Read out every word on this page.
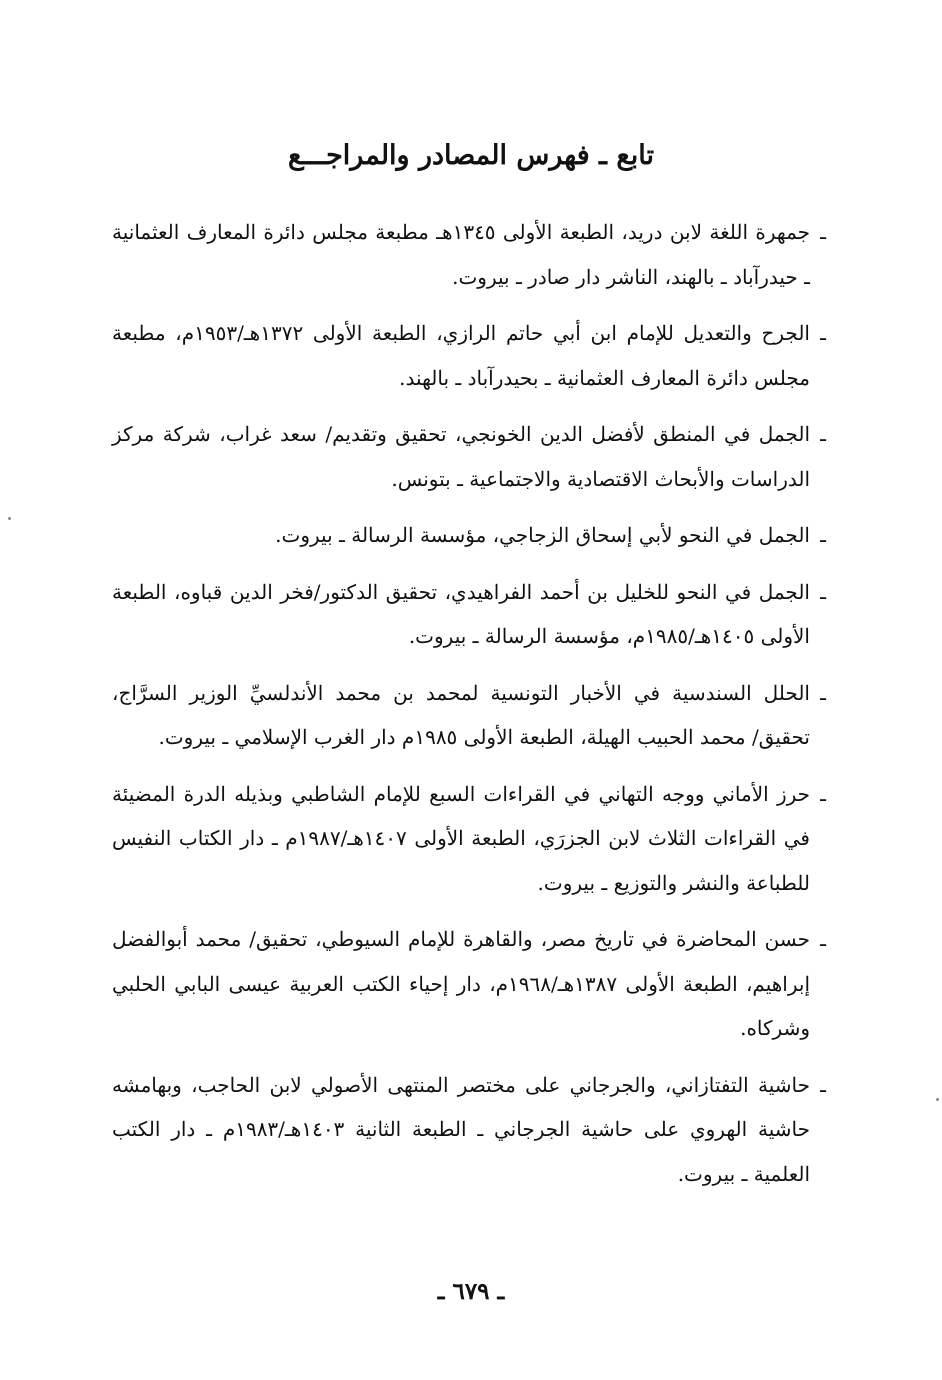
تابع ـ فهرس المصادر والمراجـــع
ـ
جمهرة اللغة لابن دريد، الطبعة الأولى ١٣٤٥هـ مطبعة مجلس دائرة المعارف العثمانية ـ حيدرآباد ـ بالهند، الناشر دار صادر ـ بيروت.
ـ
الجرح والتعديل للإمام ابن أبي حاتم الرازي، الطبعة الأولى ١٣٧٢هـ/١٩٥٣م، مطبعة مجلس دائرة المعارف العثمانية ـ بحيدرآباد ـ بالهند.
ـ
الجمل في المنطق لأفضل الدين الخونجي، تحقيق وتقديم/ سعد غراب، شركة مركز الدراسات والأبحاث الاقتصادية والاجتماعية ـ بتونس.
ـ
الجمل في النحو لأبي إسحاق الزجاجي، مؤسسة الرسالة ـ بيروت.
ـ
الجمل في النحو للخليل بن أحمد الفراهيدي، تحقيق الدكتور/فخر الدين قباوه، الطبعة الأولى ١٤٠٥هـ/١٩٨٥م، مؤسسة الرسالة ـ بيروت.
ـ
الحلل السندسية في الأخبار التونسية لمحمد بن محمد الأندلسيِّ الوزير السرَّاج، تحقيق/ محمد الحبيب الهيلة، الطبعة الأولى ١٩٨٥م دار الغرب الإسلامي ـ بيروت.
ـ
حرز الأماني ووجه التهاني في القراءات السبع للإمام الشاطبي وبذيله الدرة المضيئة في القراءات الثلاث لابن الجزرَي، الطبعة الأولى ١٤٠٧هـ/١٩٨٧م ـ دار الكتاب النفيس للطباعة والنشر والتوزيع ـ بيروت.
ـ
حسن المحاضرة في تاريخ مصر، والقاهرة للإمام السيوطي، تحقيق/ محمد أبوالفضل إبراهيم، الطبعة الأولى ١٣٨٧هـ/١٩٦٨م، دار إحياء الكتب العربية عيسى البابي الحلبي وشركاه.
ـ
حاشية التفتازاني، والجرجاني على مختصر المنتهى الأصولي لابن الحاجب، وبهامشه حاشية الهروي على حاشية الجرجاني ـ الطبعة الثانية ١٤٠٣هـ/١٩٨٣م ـ دار الكتب العلمية ـ بيروت.

ـ ٦٧٩ ـ
